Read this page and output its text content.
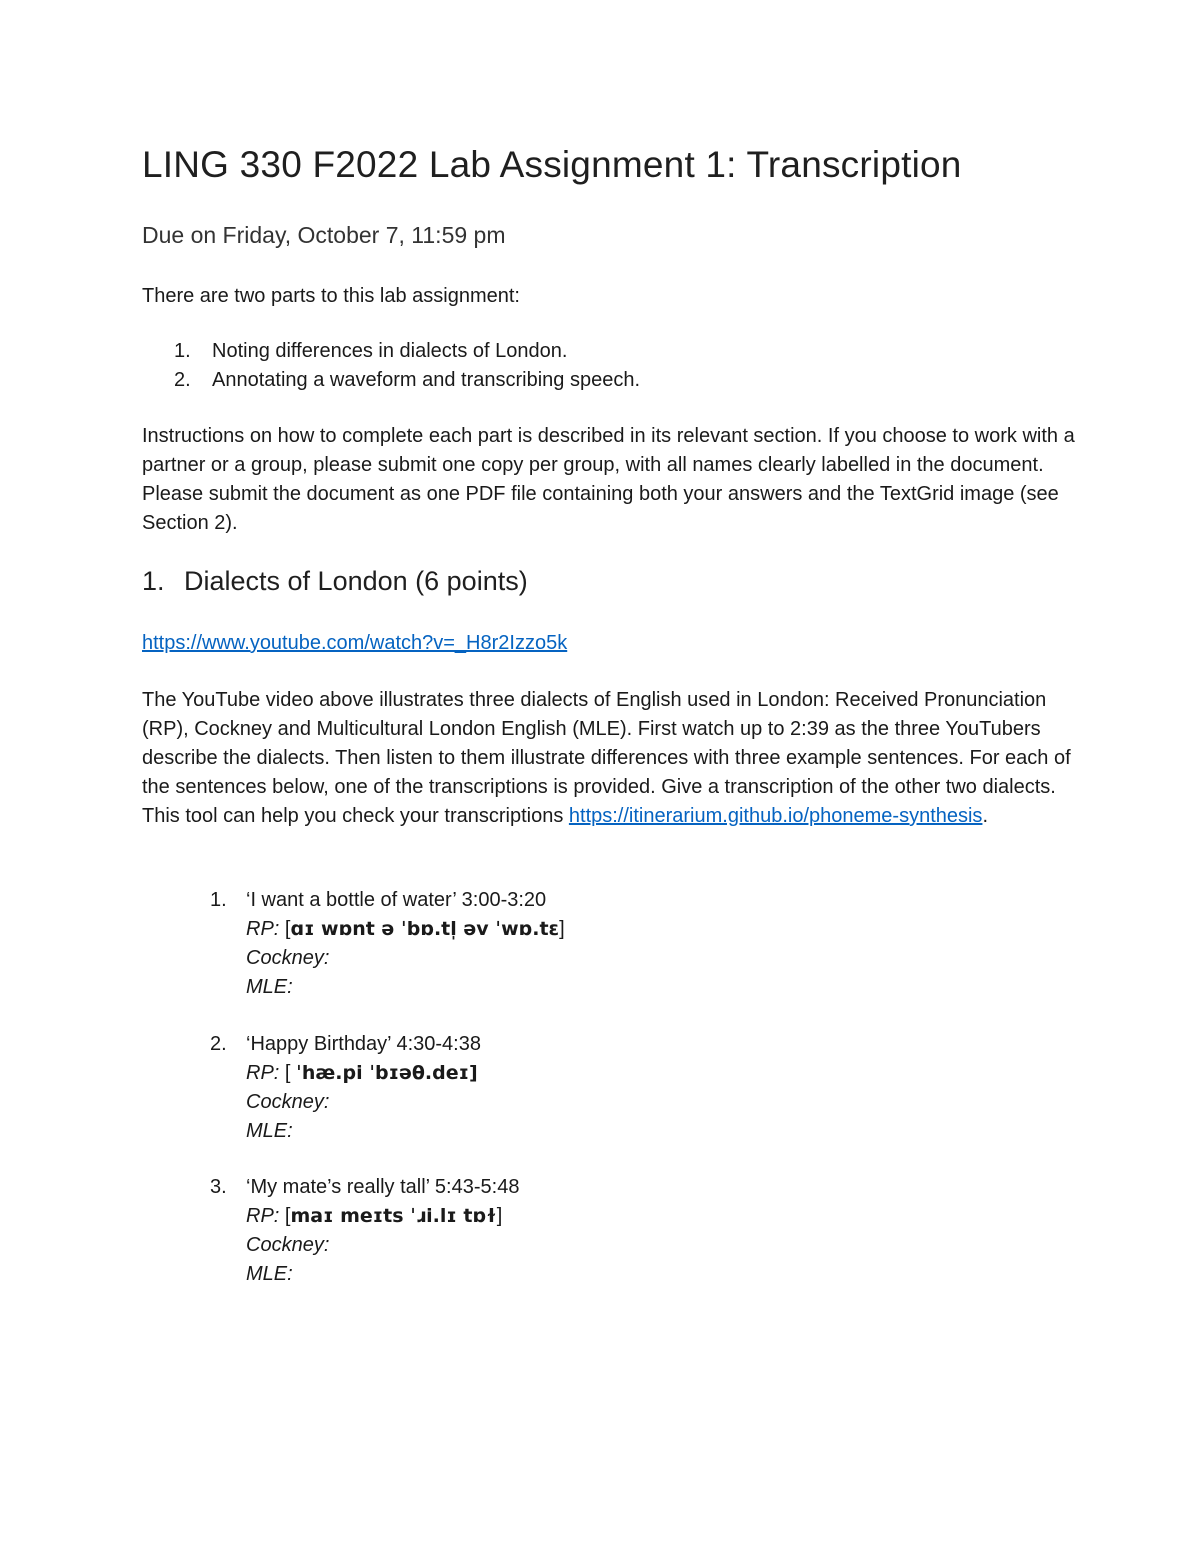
LING 330 F2022 Lab Assignment 1: Transcription

Due on Friday, October 7, 11:59 pm

There are two parts to this lab assignment:

1. Noting differences in dialects of London.
2. Annotating a waveform and transcribing speech.

Instructions on how to complete each part is described in its relevant section. If you choose to work with a partner or a group, please submit one copy per group, with all names clearly labelled in the document. Please submit the document as one PDF file containing both your answers and the TextGrid image (see Section 2).

1. Dialects of London (6 points)
https://www.youtube.com/watch?v=_H8r2Izzo5k

The YouTube video above illustrates three dialects of English used in London: Received Pronunciation (RP), Cockney and Multicultural London English (MLE). First watch up to 2:39 as the three YouTubers describe the dialects. Then listen to them illustrate differences with three example sentences. For each of the sentences below, one of the transcriptions is provided. Give a transcription of the other two dialects. This tool can help you check your transcriptions https://itinerarium.github.io/phoneme-synthesis.

1. ‘I want a bottle of water’ 3:00-3:20
RP: [ɑɪ wɒnt ə ˈbɒ.tl̩ əv ˈwɒ.tɛ]
Cockney:
MLE:
2. ‘Happy Birthday’ 4:30-4:38
RP: [ ˈhæ.pi ˈbɪəθ.deɪ]
Cockney:
MLE:
3. ‘My mate’s really tall’ 5:43-5:48
RP: [maɪ meɪts ˈɹi.lɪ tɒɫ]
Cockney:
MLE:
